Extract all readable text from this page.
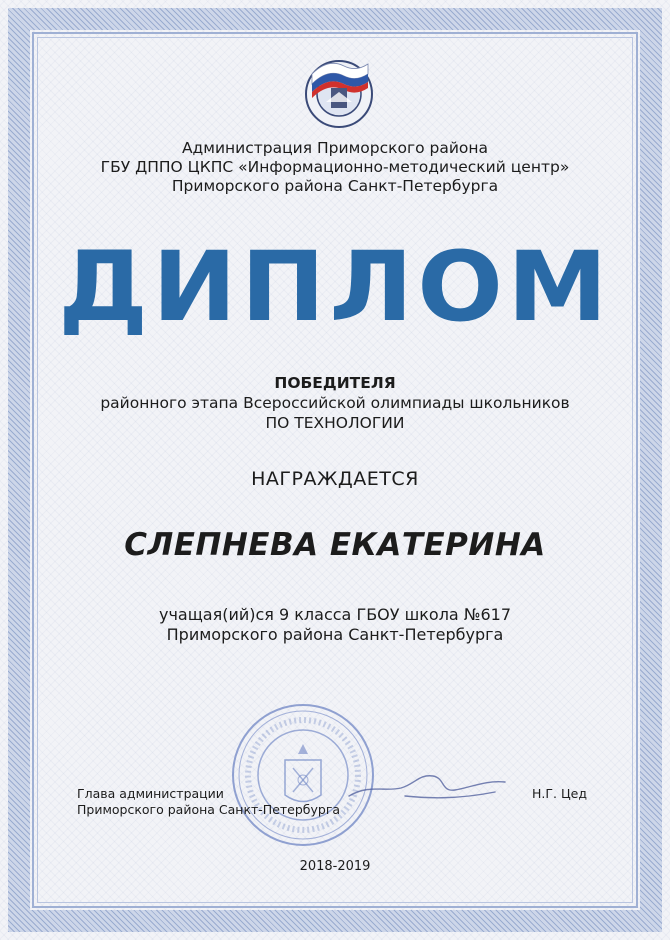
Администрация Приморского района
ГБУ ДППО ЦКПС «Информационно-методический центр»
Приморского района Санкт-Петербурга
ДИПЛОМ
ПОБЕДИТЕЛЯ
районного этапа Всероссийской олимпиады школьников
ПО ТЕХНОЛОГИИ
НАГРАЖДАЕТСЯ
СЛЕПНЕВА ЕКАТЕРИНА
учащая(ий)ся 9 класса ГБОУ школа №617
Приморского района Санкт-Петербурга
Глава администрации
Приморского района Санкт-Петербурга
Н.Г. Цед
2018-2019
